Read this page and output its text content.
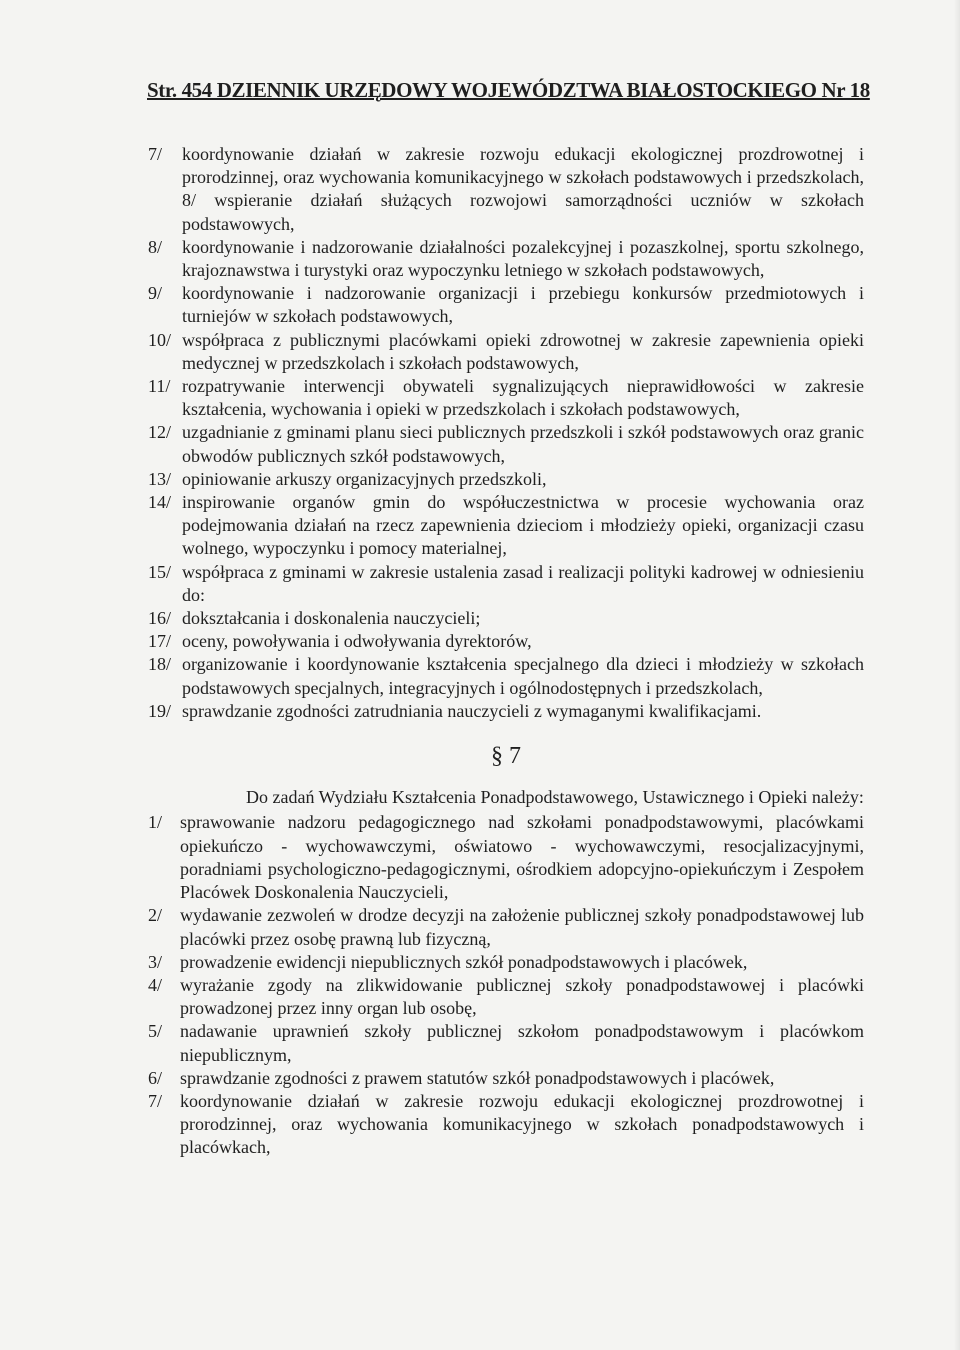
Str. 454 DZIENNIK URZĘDOWY WOJEWÓDZTWA BIAŁOSTOCKIEGO Nr 18
7/	koordynowanie działań w zakresie rozwoju edukacji ekologicznej prozdrowotnej i prorodzinnej, oraz wychowania komunikacyjnego w szkołach podstawowych i przedszkolach, 8/ wspieranie działań służących rozwojowi samorządności uczniów w szkołach podstawowych,
8/	koordynowanie i nadzorowanie działalności pozalekcyjnej i pozaszkolnej, sportu szkolnego, krajoznawstwa i turystyki oraz wypoczynku letniego w szkołach podstawowych,
9/	koordynowanie i nadzorowanie organizacji i przebiegu konkursów przedmiotowych i turniejów w szkołach podstawowych,
10/ współpraca z publicznymi placówkami opieki zdrowotnej w zakresie zapewnienia opieki medycznej w przedszkolach i szkołach podstawowych,
11/ rozpatrywanie interwencji obywateli sygnalizujących nieprawidłowości w zakresie kształcenia, wychowania i opieki w przedszkolach i szkołach podstawowych,
12/ uzgadnianie z gminami planu sieci publicznych przedszkoli i szkół podstawowych oraz granic obwodów publicznych szkół podstawowych,
13/ opiniowanie arkuszy organizacyjnych przedszkoli,
14/ inspirowanie organów gmin do współuczestnictwa w procesie wychowania oraz podejmowania działań na rzecz zapewnienia dzieciom i młodzieży opieki, organizacji czasu wolnego, wypoczynku i pomocy materialnej,
15/ współpraca z gminami w zakresie ustalenia zasad i realizacji polityki kadrowej w odniesieniu do:
16/ dokształcania i doskonalenia nauczycieli;
17/ oceny, powoływania i odwoływania dyrektorów,
18/ organizowanie i koordynowanie kształcenia specjalnego dla dzieci i młodzieży w szkołach podstawowych specjalnych, integracyjnych i ogólnodostępnych i przedszkolach,
19/ sprawdzanie zgodności zatrudniania nauczycieli z wymaganymi kwalifikacjami.
§ 7
Do zadań Wydziału Kształcenia Ponadpodstawowego, Ustawicznego i Opieki należy:
1/ sprawowanie nadzoru pedagogicznego nad szkołami ponadpodstawowymi, placówkami opiekuńczo - wychowawczymi, oświatowo - wychowawczymi, resocjalizacyjnymi, poradniami psychologiczno-pedagogicznymi, ośrodkiem adopcyjno-opiekuńczym i Zespołem Placówek Doskonalenia Nauczycieli,
2/ wydawanie zezwoleń w drodze decyzji na założenie publicznej szkoły ponadpodstawowej lub placówki przez osobę prawną lub fizyczną,
3/ prowadzenie ewidencji niepublicznych szkół ponadpodstawowych i placówek,
4/ wyrażanie zgody na zlikwidowanie publicznej szkoły ponadpodstawowej i placówki prowadzonej przez inny organ lub osobę,
5/ nadawanie uprawnień szkoły publicznej szkołom ponadpodstawowym i placówkom niepublicznym,
6/ sprawdzanie zgodności z prawem statutów szkół ponadpodstawowych i placówek,
7/ koordynowanie działań w zakresie rozwoju edukacji ekologicznej prozdrowotnej i prorodzinnej, oraz wychowania komunikacyjnego w szkołach ponadpodstawowych i placówkach,
